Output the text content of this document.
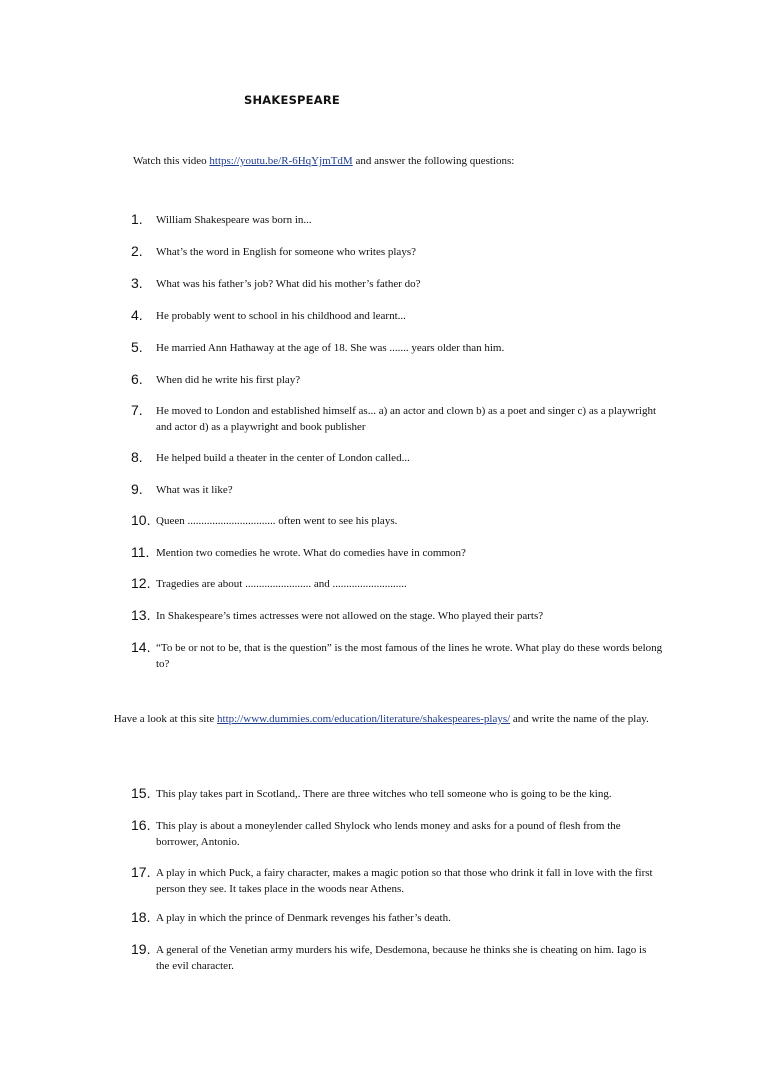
SHAKESPEARE

Watch this video https://youtu.be/R-6HqYjmTdM and answer the following questions:

1.	William Shakespeare was born in...
2.	What’s the word in English for someone who writes plays?
3.	What was his father’s job? What did his mother’s father do?
4.	He probably went to school in his childhood and learnt...
5.	He married Ann Hathaway at the age of 18. She was ....... years older than him.
6.	When did he write his first play?
7.	He moved to London and established himself as... a) an actor and clown b) as a poet and singer c) as a playwright and actor d) as a playwright and book publisher
8.	He helped build a theater in the center of London called...
9.	What was it like?
10. Queen ................................ often went to see his plays.
11. Mention two comedies he wrote. What do comedies have in common?
12. Tragedies are about ........................ and ...........................
13. In Shakespeare’s times actresses were not allowed on the stage. Who played their parts?
14. “To be or not to be, that is the question” is the most famous of the lines he wrote. What play do these words belong to?

Have a look at this site http://www.dummies.com/education/literature/shakespeares-plays/ and write the name of the play.

15. This play takes part in Scotland,. There are three witches who tell someone who is going to be the king.
16. This play is about a moneylender called Shylock who lends money and asks for a pound of flesh from the borrower, Antonio.
17. A play in which Puck, a fairy character, makes a magic potion so that those who drink it fall in love with the first person they see. It takes place in the woods near Athens.
18. A play in which the prince of Denmark revenges his father’s death.
19. A general of the Venetian army murders his wife, Desdemona, because he thinks she is cheating on him. Iago is the evil character.
